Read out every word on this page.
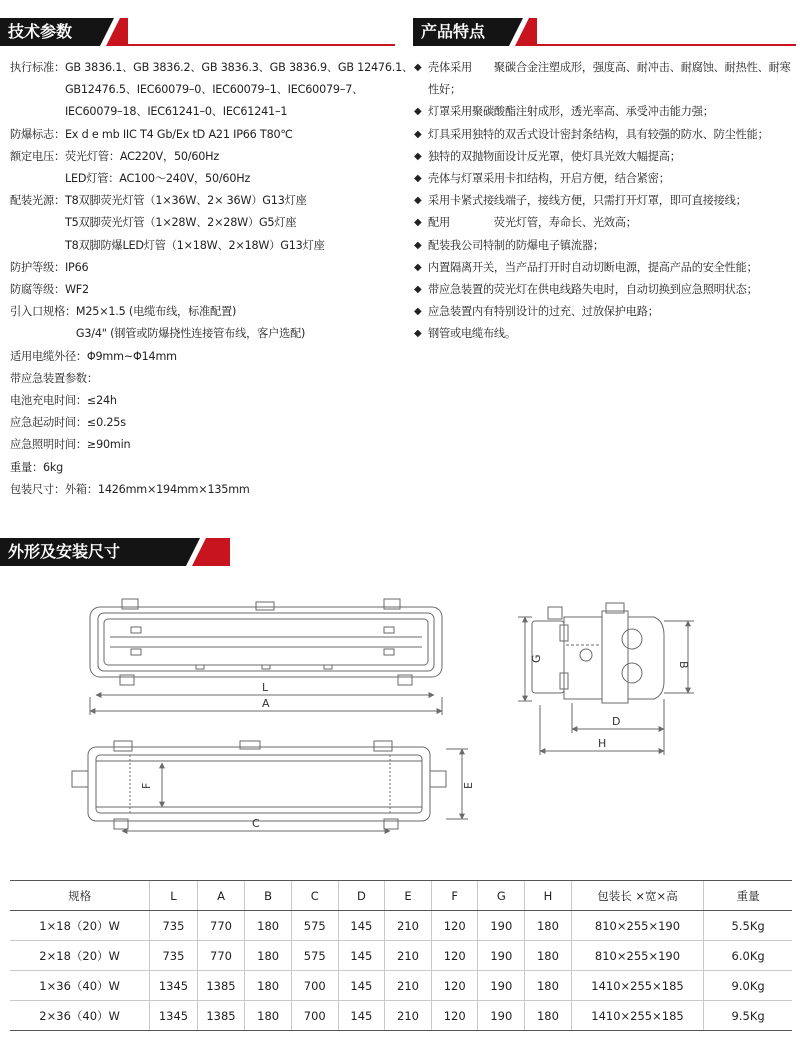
技术参数	产品特点
执行标准：GB 3836.1、GB 3836.2、GB 3836.3、GB 3836.9、GB 12476.1、
　　　　　GB12476.5、IEC60079–0、IEC60079–1、IEC60079–7、
　　　　　IEC60079–18、IEC61241–0、IEC61241–1
防爆标志：Ex d e mb IIC T4 Gb/Ex tD A21 IP66 T80℃
额定电压：荧光灯管：AC220V，50/60Hz
　　　　　LED灯管：AC100～240V，50/60Hz
配装光源：T8双脚荧光灯管（1×36W、2× 36W）G13灯座
　　　　　T5双脚荧光灯管（1×28W、2×28W）G5灯座
　　　　　T8双脚防爆LED灯管（1×18W、2×18W）G13灯座
防护等级：IP66
防腐等级：WF2
引入口规格：M25×1.5 (电缆布线，标准配置)
　　　　　　G3/4" (钢管或防爆挠性连接管布线，客户选配)
适用电缆外径：Φ9mm~Φ14mm
带应急装置参数：
电池充电时间：≤24h
应急起动时间：≤0.25s
应急照明时间：≥90min
重量：6kg
包装尺寸：外箱：1426mm×194mm×135mm
◆ 壳体采用　　聚碳合金注塑成形，强度高、耐冲击、耐腐蚀、耐热性、耐寒性好；
◆ 灯罩采用聚碳酸酯注射成形，透光率高、承受冲击能力强；
◆ 灯具采用独特的双舌式设计密封条结构，具有较强的防水、防尘性能；
◆ 独特的双抛物面设计反光罩，使灯具光效大幅提高；
◆ 壳体与灯罩采用卡扣结构，开启方便，结合紧密；
◆ 采用卡紧式接线端子，接线方便，只需打开灯罩，即可直接接线；
◆ 配用　　　　荧光灯管，寿命长、光效高；
◆ 配装我公司特制的防爆电子镇流器；
◆ 内置隔离开关，当产品打开时自动切断电源，提高产品的安全性能；
◆ 带应急装置的荧光灯在供电线路失电时，自动切换到应急照明状态；
◆ 应急装置内有特别设计的过充、过放保护电路；
◆ 钢管或电缆布线。
外形及安装尺寸
L
A
F	E
C
G
B
D
H
规格	L	A	B	C	D	E	F	G	H	包装长 ×宽×高	重量
1×18（20）W	735	770	180	575	145	210	120	190	180	810×255×190	5.5Kg
2×18（20）W	735	770	180	575	145	210	120	190	180	810×255×190	6.0Kg
1×36（40）W	1345	1385	180	700	145	210	120	190	180	1410×255×185	9.0Kg
2×36（40）W	1345	1385	180	700	145	210	120	190	180	1410×255×185	9.5Kg
